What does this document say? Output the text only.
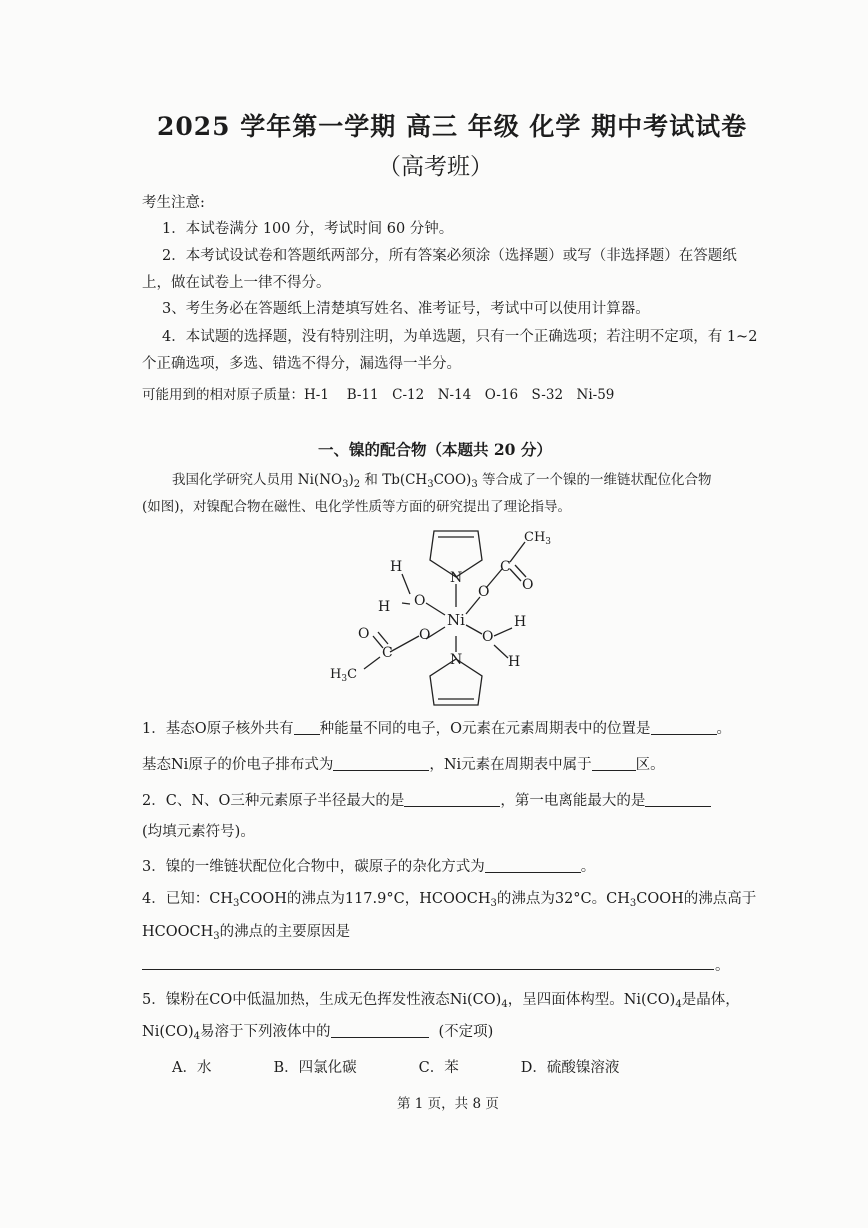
2025 学年第一学期 高三 年级 化学 期中考试试卷
（高考班）
考生注意:
1．本试卷满分 100 分，考试时间 60 分钟。
2．本考试设试卷和答题纸两部分，所有答案必须涂（选择题）或写（非选择题）在答题纸
上，做在试卷上一律不得分。
3、考生务必在答题纸上清楚填写姓名、准考证号，考试中可以使用计算器。
4．本试题的选择题，没有特别注明，为单选题，只有一个正确选项；若注明不定项，有 1~2
个正确选项，多选、错选不得分，漏选得一半分。
可能用到的相对原子质量：H-1　 B-11　C-12　N-14　O-16　S-32　Ni-59
一、镍的配合物（本题共 20 分）
我国化学研究人员用 $Ni(NO_3)_2$ 和 $Tb(CH_3COO)_3$ 等合成了一个镍的一维链状配位化合物
(如图)，对镍配合物在磁性、电化学性质等方面的研究提出了理论指导。
Ni
N
N
O
O
O
O
O
O
H
H
H
H
C
C
$CH_3$
$H_3C$
1．基态O原子核外共有 种能量不同的电子，O元素在元素周期表中的位置是	。
基态Ni原子的价电子排布式为	，Ni元素在周期表中属于	区。
2．C、N、O三种元素原子半径最大的是	，第一电离能最大的是
(均填元素符号)。
3．镍的一维链状配位化合物中，碳原子的杂化方式为	。
4．已知：$CH_3COOH$的沸点为117.9°C，$HCOOCH_3$的沸点为32°C。$CH_3COOH$的沸点高于
$HCOOCH_3$的沸点的主要原因是
。
5．镍粉在CO中低温加热，生成无色挥发性液态$Ni(CO)_4$，呈四面体构型。$Ni(CO)_4$是晶体，
$Ni(CO)_4$易溶于下列液体中的	(不定项)
A．水	B．四氯化碳	C．苯	D．硫酸镍溶液
第 1 页，共 8 页
